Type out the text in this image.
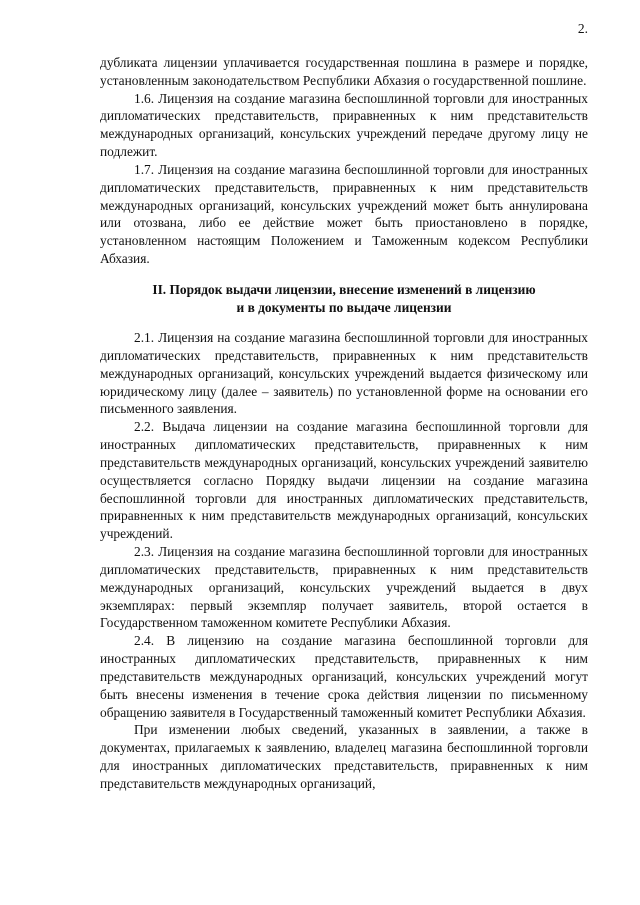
2.

дубликата лицензии уплачивается государственная пошлина в размере и порядке, установленным законодательством Республики Абхазия о государственной пошлине.

1.6. Лицензия на создание магазина беспошлинной торговли для иностранных дипломатических представительств, приравненных к ним представительств международных организаций, консульских учреждений передаче другому лицу не подлежит.

1.7. Лицензия на создание магазина беспошлинной торговли для иностранных дипломатических представительств, приравненных к ним представительств международных организаций, консульских учреждений может быть аннулирована или отозвана, либо ее действие может быть приостановлено в порядке, установленном настоящим Положением и Таможенным кодексом Республики Абхазия.

II. Порядок выдачи лицензии, внесение изменений в лицензию
и в документы по выдаче лицензии

2.1. Лицензия на создание магазина беспошлинной торговли для иностранных дипломатических представительств, приравненных к ним представительств международных организаций, консульских учреждений выдается физическому или юридическому лицу (далее – заявитель) по установленной форме на основании его письменного заявления.

2.2. Выдача лицензии на создание магазина беспошлинной торговли для иностранных дипломатических представительств, приравненных к ним представительств международных организаций, консульских учреждений заявителю осуществляется согласно Порядку выдачи лицензии на создание магазина беспошлинной торговли для иностранных дипломатических представительств, приравненных к ним представительств международных организаций, консульских учреждений.

2.3. Лицензия на создание магазина беспошлинной торговли для иностранных дипломатических представительств, приравненных к ним представительств международных организаций, консульских учреждений выдается в двух экземплярах: первый экземпляр получает заявитель, второй остается в Государственном таможенном комитете Республики Абхазия.

2.4. В лицензию на создание магазина беспошлинной торговли для иностранных дипломатических представительств, приравненных к ним представительств международных организаций, консульских учреждений могут быть внесены изменения в течение срока действия лицензии по письменному обращению заявителя в Государственный таможенный комитет Республики Абхазия.

При изменении любых сведений, указанных в заявлении, а также в документах, прилагаемых к заявлению, владелец магазина беспошлинной торговли для иностранных дипломатических представительств, приравненных к ним представительств международных организаций,
